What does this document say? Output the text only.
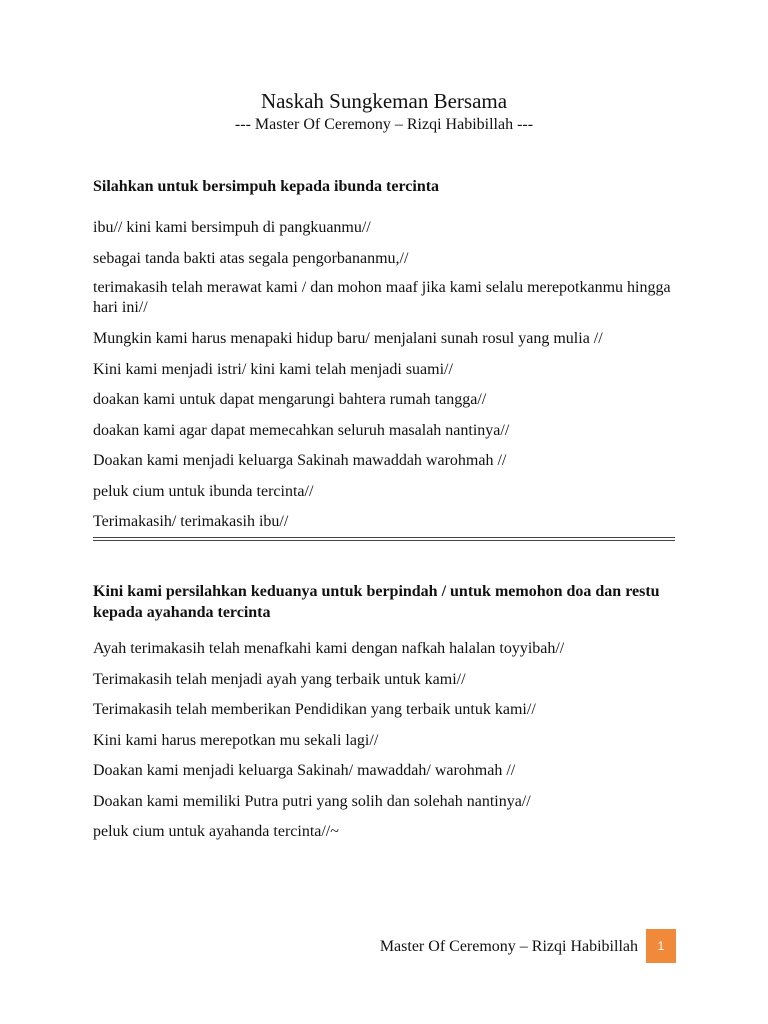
Naskah Sungkeman Bersama
--- Master Of Ceremony – Rizqi Habibillah ---
Silahkan untuk bersimpuh kepada ibunda tercinta
ibu// kini kami bersimpuh di pangkuanmu//
sebagai tanda bakti atas segala pengorbananmu,//
terimakasih telah merawat kami / dan mohon maaf jika kami selalu merepotkanmu hingga hari ini//
Mungkin kami harus menapaki hidup baru/ menjalani sunah rosul yang mulia //
Kini kami menjadi istri/ kini kami telah menjadi suami//
doakan kami untuk dapat mengarungi bahtera rumah tangga//
doakan kami agar dapat memecahkan seluruh masalah nantinya//
Doakan kami menjadi keluarga Sakinah mawaddah warohmah //
peluk cium untuk ibunda tercinta//
Terimakasih/ terimakasih ibu//
Kini kami persilahkan keduanya untuk berpindah / untuk memohon doa dan restu kepada ayahanda tercinta
Ayah terimakasih telah menafkahi kami dengan nafkah halalan toyyibah//
Terimakasih telah menjadi ayah yang terbaik untuk kami//
Terimakasih telah memberikan Pendidikan yang terbaik untuk kami//
Kini kami harus merepotkan mu sekali lagi//
Doakan kami menjadi keluarga Sakinah/ mawaddah/ warohmah //
Doakan kami memiliki Putra putri yang solih dan solehah nantinya//
peluk cium untuk ayahanda tercinta//~
Master Of Ceremony – Rizqi Habibillah	1
